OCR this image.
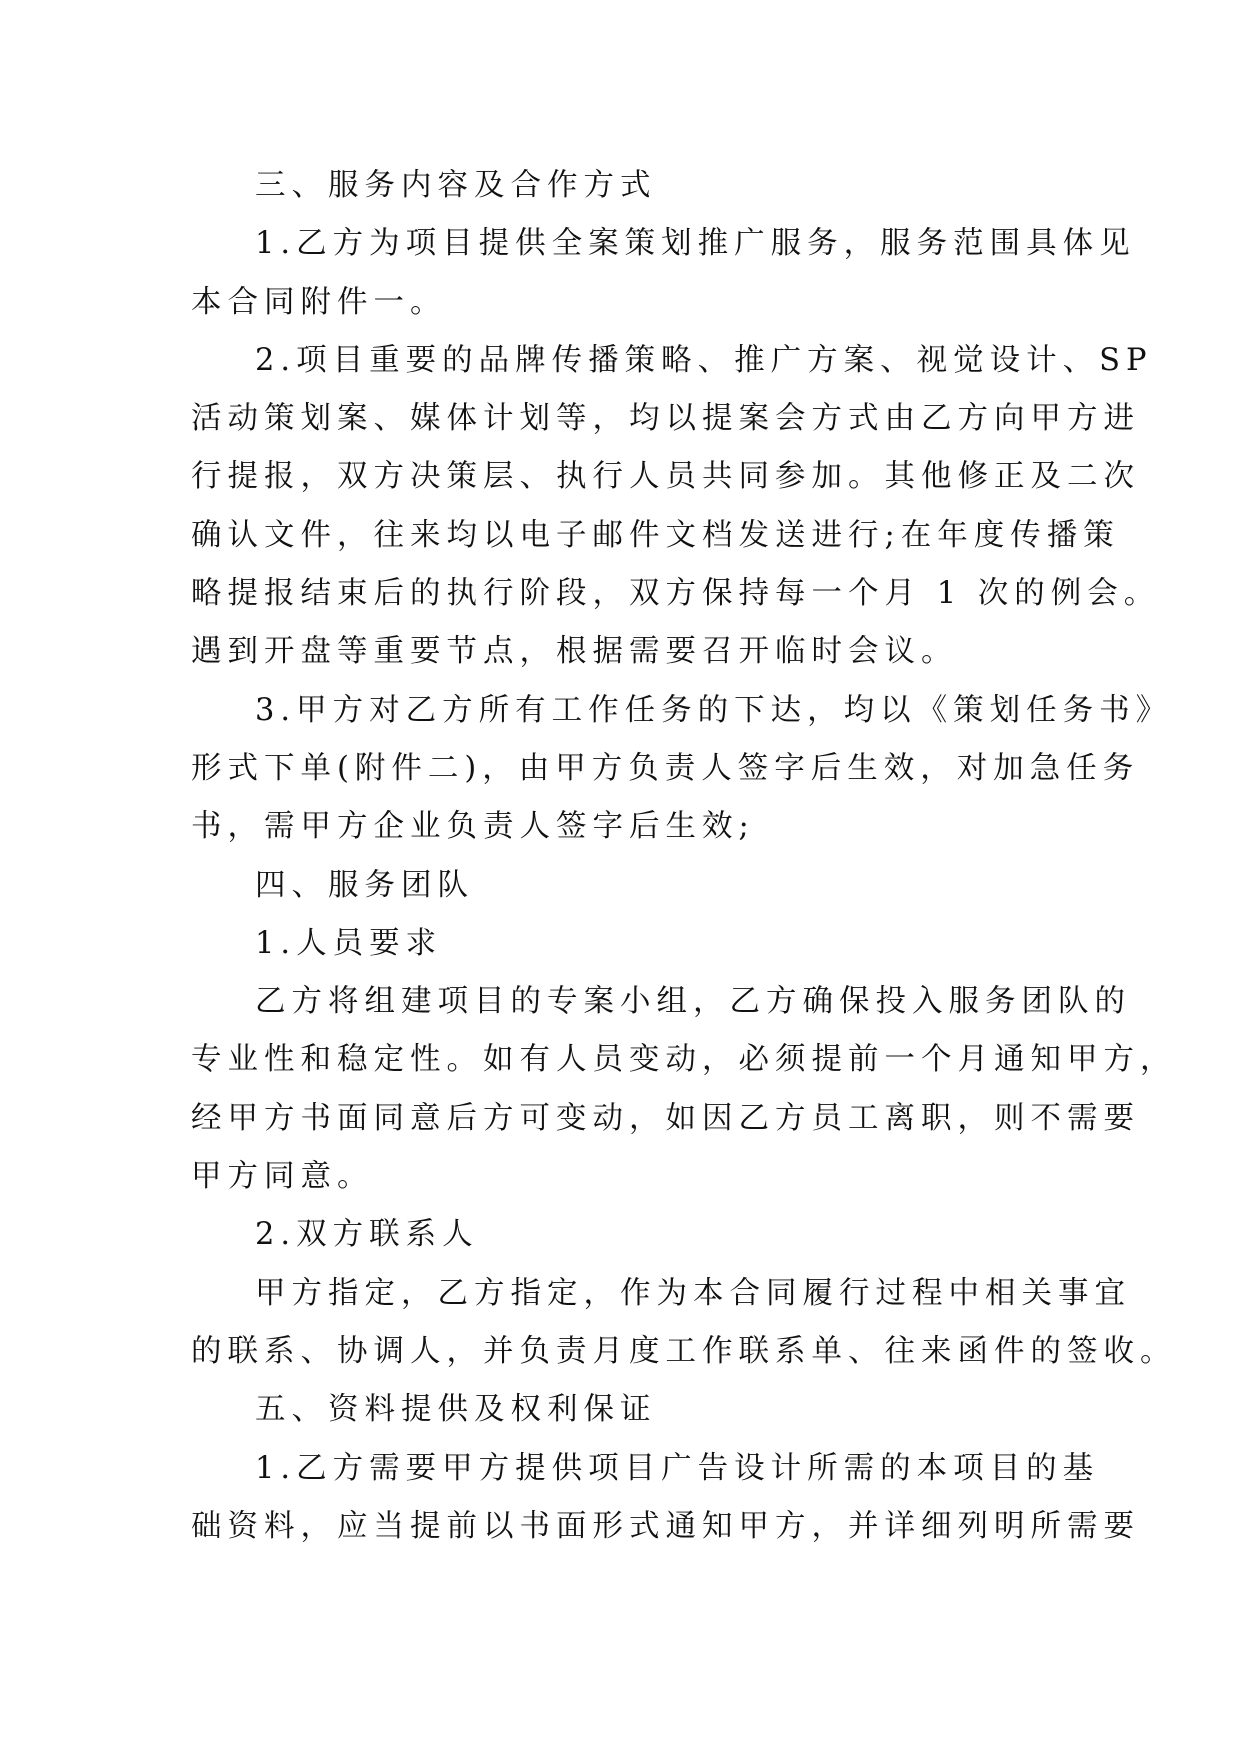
三、服务内容及合作方式

1.乙方为项目提供全案策划推广服务，服务范围具体见
本合同附件一。

2.项目重要的品牌传播策略、推广方案、视觉设计、SP
活动策划案、媒体计划等，均以提案会方式由乙方向甲方进
行提报，双方决策层、执行人员共同参加。其他修正及二次
确认文件，往来均以电子邮件文档发送进行;在年度传播策
略提报结束后的执行阶段，双方保持每一个月 1 次的例会。
遇到开盘等重要节点，根据需要召开临时会议。

3.甲方对乙方所有工作任务的下达，均以《策划任务书》
形式下单(附件二)，由甲方负责人签字后生效，对加急任务
书，需甲方企业负责人签字后生效;

四、服务团队

1.人员要求

乙方将组建项目的专案小组，乙方确保投入服务团队的
专业性和稳定性。如有人员变动，必须提前一个月通知甲方，
经甲方书面同意后方可变动，如因乙方员工离职，则不需要
甲方同意。

2.双方联系人

甲方指定，乙方指定，作为本合同履行过程中相关事宜
的联系、协调人，并负责月度工作联系单、往来函件的签收。

五、资料提供及权利保证

1.乙方需要甲方提供项目广告设计所需的本项目的基
础资料，应当提前以书面形式通知甲方，并详细列明所需要
